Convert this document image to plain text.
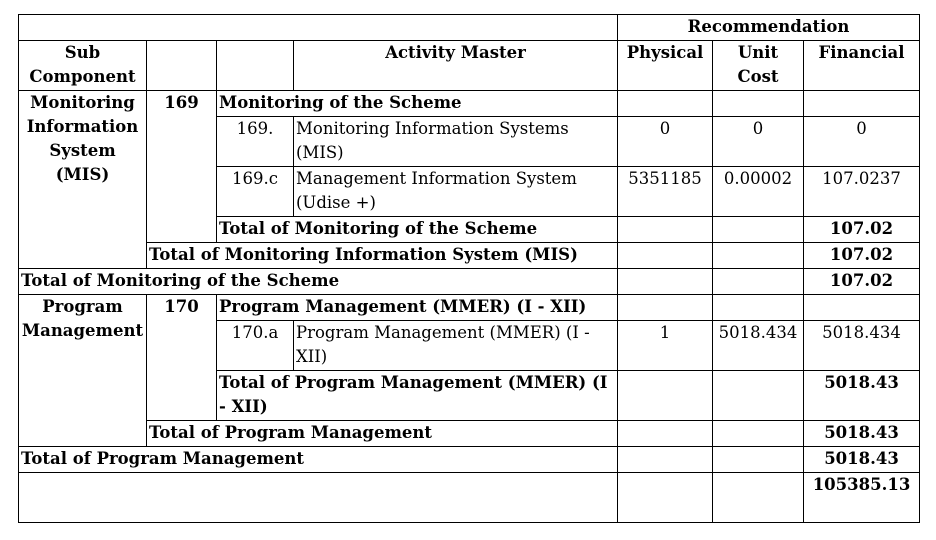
				Recommendation		
Sub Component			Activity Master	Physical	Unit Cost	Financial
Monitoring Information System (MIS)	169	Monitoring of the Scheme				
		169.	Monitoring Information Systems (MIS)	0	0	0
		169.c	Management Information System (Udise +)	5351185	0.00002	107.0237
		Total of Monitoring of the Scheme				107.02
	Total of Monitoring Information System (MIS)					107.02
Total of Monitoring of the Scheme						107.02
Program Management	170	Program Management (MMER) (I - XII)				
		170.a	Program Management (MMER) (I - XII)	1	5018.434	5018.434
		Total of Program Management (MMER) (I - XII)				5018.43
	Total of Program Management					5018.43
Total of Program Management						5018.43
						105385.13
